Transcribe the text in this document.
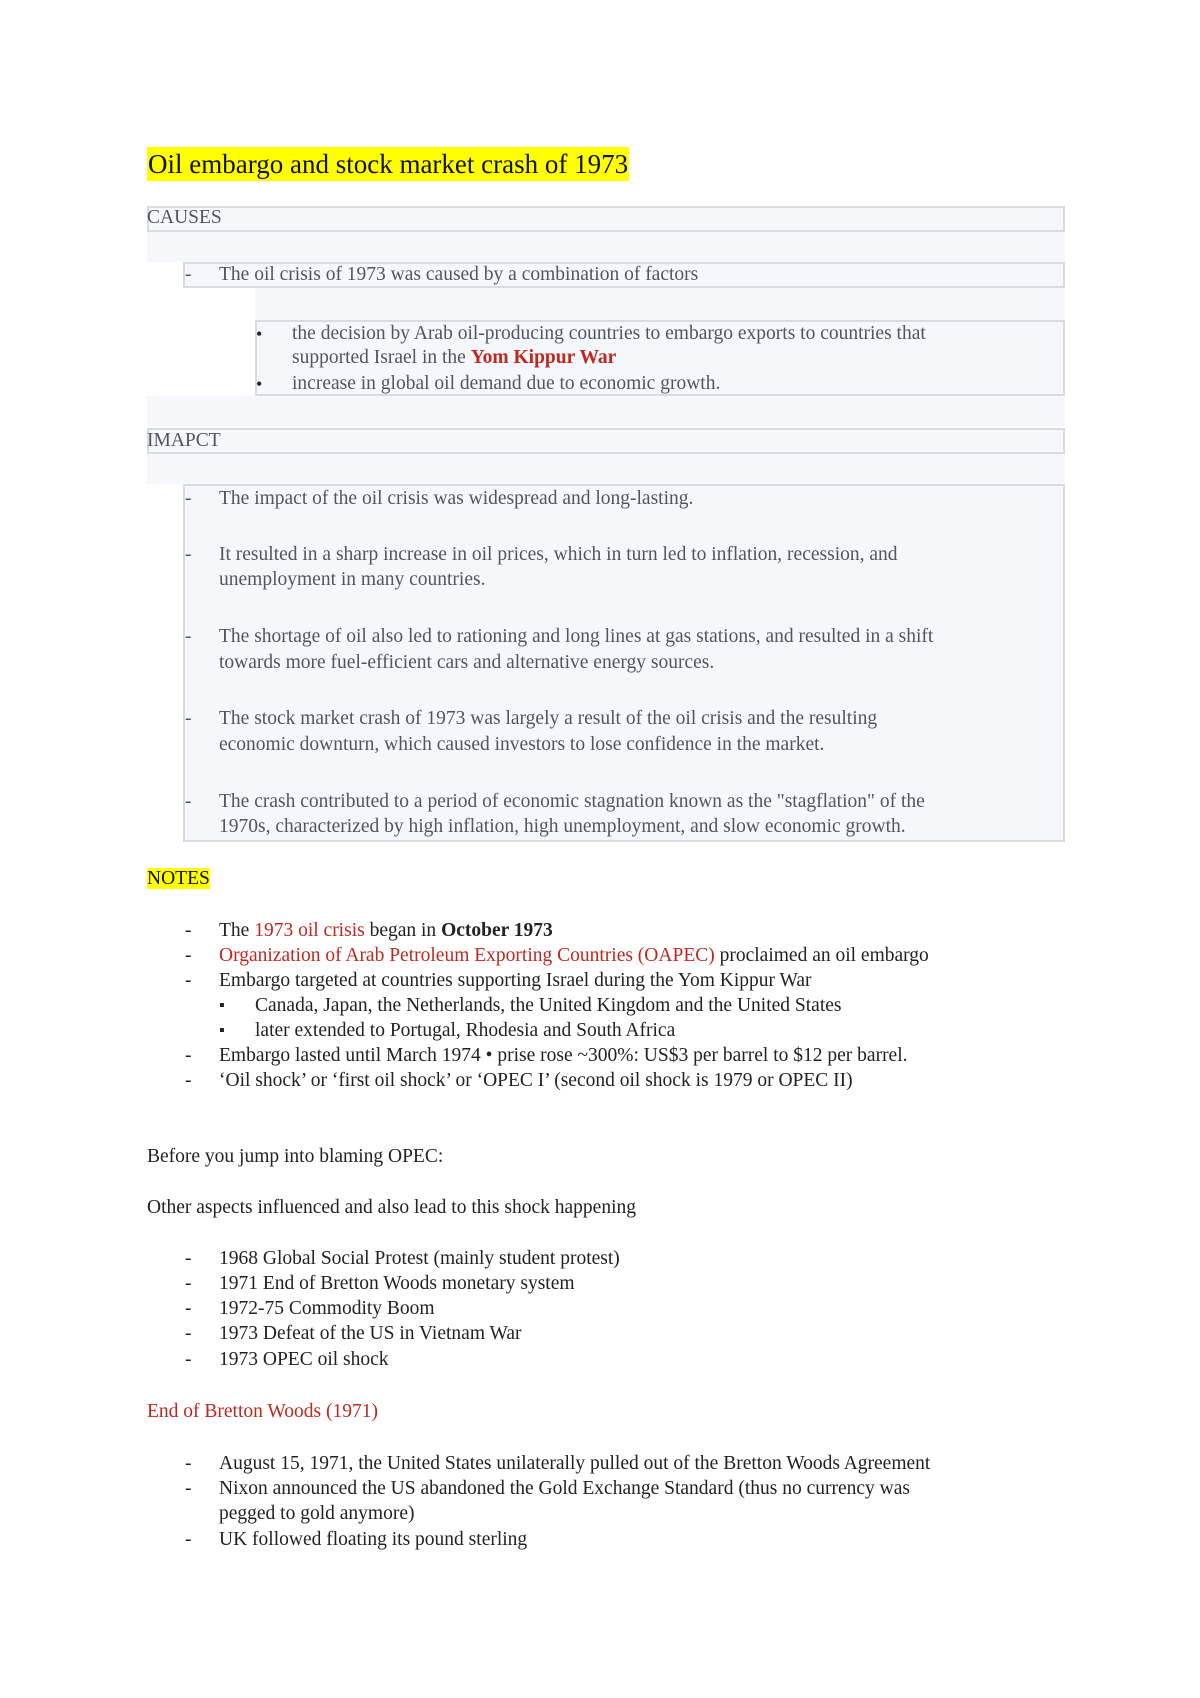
Oil embargo and stock market crash of 1973
CAUSES
- The oil crisis of 1973 was caused by a combination of factors
• the decision by Arab oil-producing countries to embargo exports to countries that
supported Israel in the Yom Kippur War
• increase in global oil demand due to economic growth.
IMAPCT
- The impact of the oil crisis was widespread and long-lasting.
- It resulted in a sharp increase in oil prices, which in turn led to inflation, recession, and
unemployment in many countries.
- The shortage of oil also led to rationing and long lines at gas stations, and resulted in a shift
towards more fuel-efficient cars and alternative energy sources.
- The stock market crash of 1973 was largely a result of the oil crisis and the resulting
economic downturn, which caused investors to lose confidence in the market.
- The crash contributed to a period of economic stagnation known as the "stagflation" of the
1970s, characterized by high inflation, high unemployment, and slow economic growth.
NOTES
- The 1973 oil crisis began in October 1973
- Organization of Arab Petroleum Exporting Countries (OAPEC) proclaimed an oil embargo
- Embargo targeted at countries supporting Israel during the Yom Kippur War
▪ Canada, Japan, the Netherlands, the United Kingdom and the United States
▪ later extended to Portugal, Rhodesia and South Africa
- Embargo lasted until March 1974 • prise rose ~300%: US$3 per barrel to $12 per barrel.
- ‘Oil shock’ or ‘first oil shock’ or ‘OPEC I’ (second oil shock is 1979 or OPEC II)
Before you jump into blaming OPEC:
Other aspects influenced and also lead to this shock happening
- 1968 Global Social Protest (mainly student protest)
- 1971 End of Bretton Woods monetary system
- 1972-75 Commodity Boom
- 1973 Defeat of the US in Vietnam War
- 1973 OPEC oil shock
End of Bretton Woods (1971)
- August 15, 1971, the United States unilaterally pulled out of the Bretton Woods Agreement
- Nixon announced the US abandoned the Gold Exchange Standard (thus no currency was
pegged to gold anymore)
- UK followed floating its pound sterling
